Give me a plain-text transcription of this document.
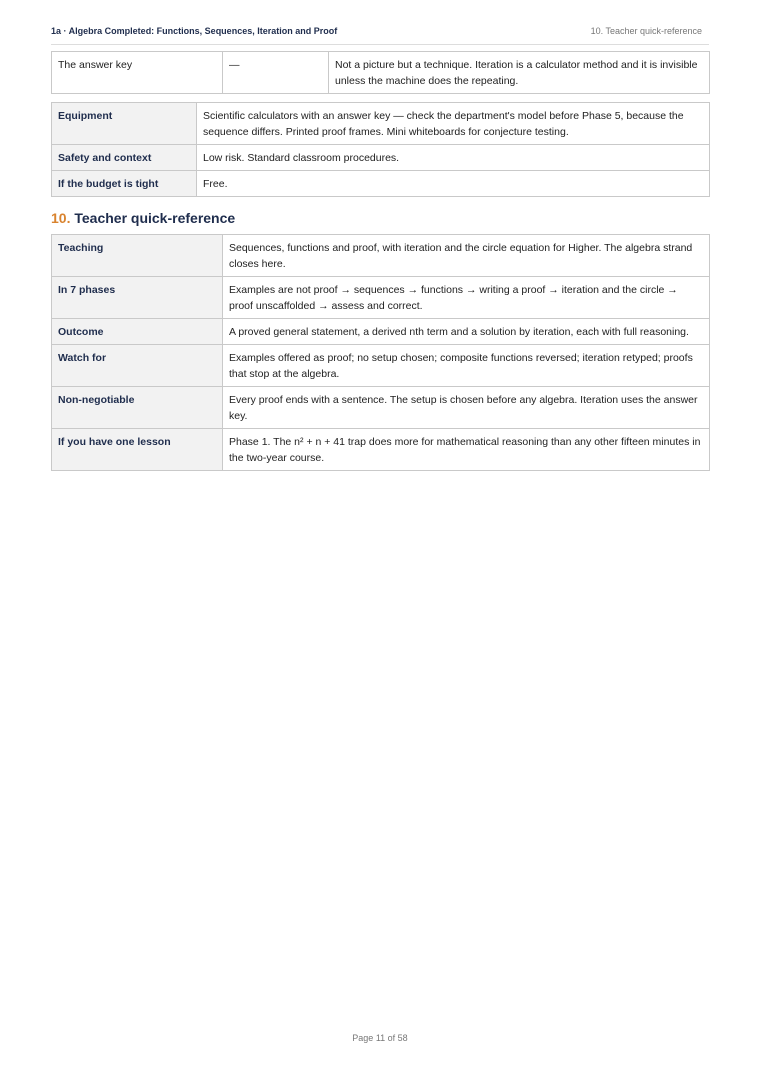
1a · Algebra Completed: Functions, Sequences, Iteration and Proof	10. Teacher quick-reference
The answer key	—	Not a picture but a technique. Iteration is a calculator method and it is invisible unless the machine does the repeating.
Equipment	Scientific calculators with an answer key — check the department's model before Phase 5, because the sequence differs. Printed proof frames. Mini whiteboards for conjecture testing.
Safety and context	Low risk. Standard classroom procedures.
If the budget is tight	Free.
10. Teacher quick-reference
Teaching	Sequences, functions and proof, with iteration and the circle equation for Higher. The algebra strand closes here.
In 7 phases	Examples are not proof → sequences → functions → writing a proof → iteration and the circle → proof unscaffolded → assess and correct.
Outcome	A proved general statement, a derived nth term and a solution by iteration, each with full reasoning.
Watch for	Examples offered as proof; no setup chosen; composite functions reversed; iteration retyped; proofs that stop at the algebra.
Non-negotiable	Every proof ends with a sentence. The setup is chosen before any algebra. Iteration uses the answer key.
If you have one lesson	Phase 1. The n² + n + 41 trap does more for mathematical reasoning than any other fifteen minutes in the two-year course.
Page 11 of 58
